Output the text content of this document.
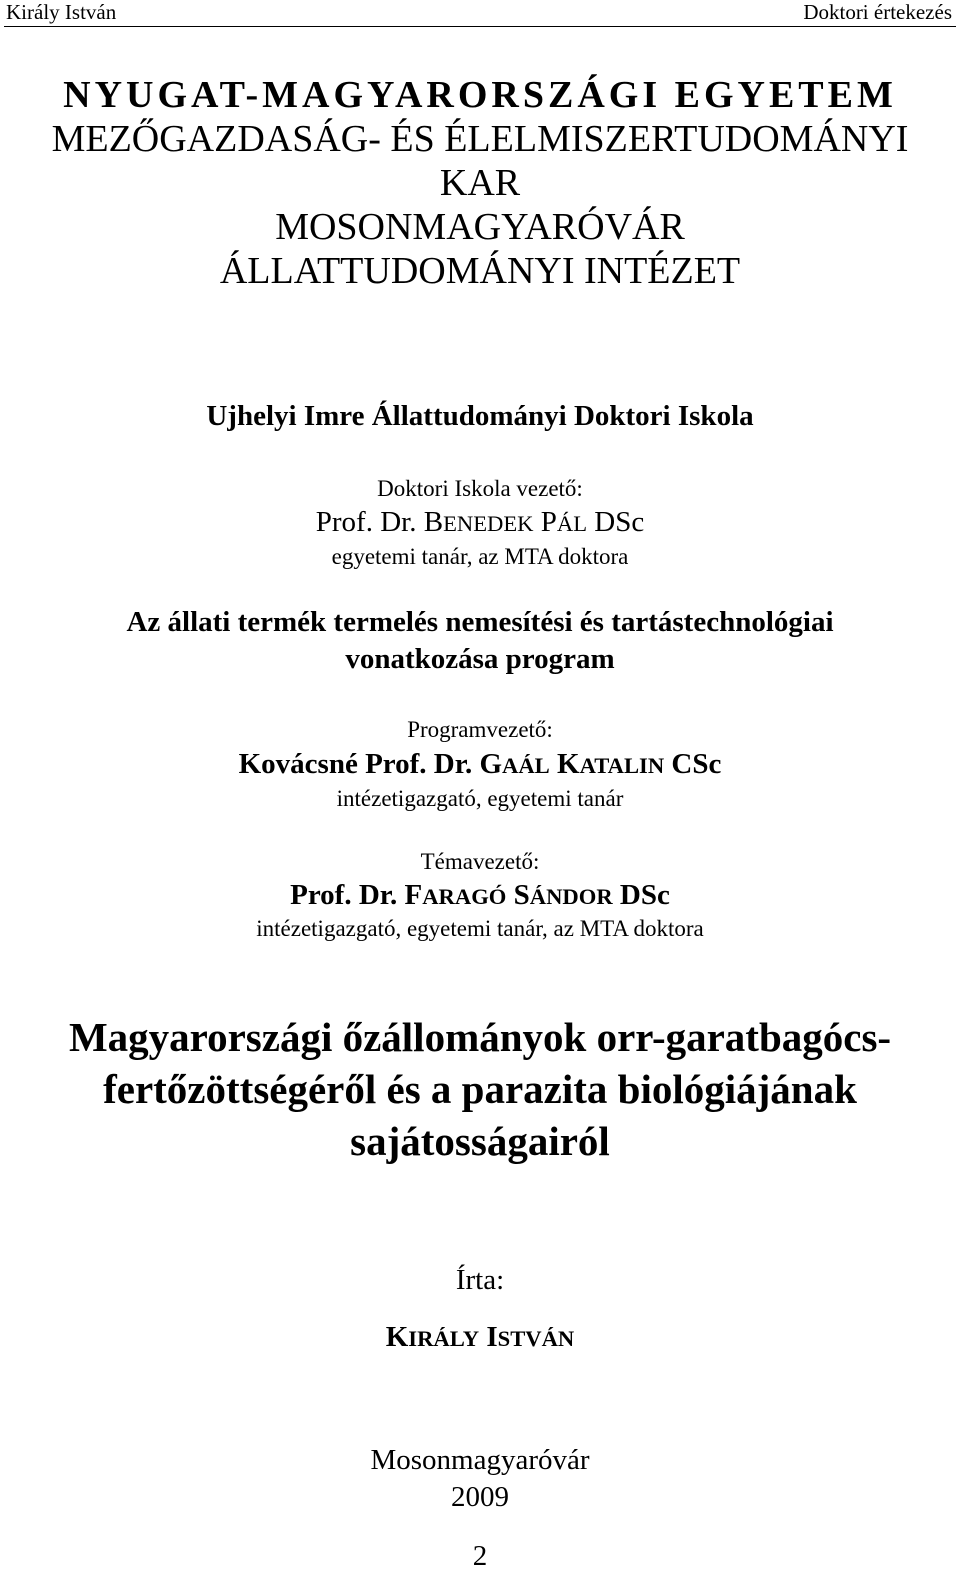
Király István	Doktori értekezés
NYUGAT-MAGYARORSZÁGI EGYETEM
MEZŐGAZDASÁG- ÉS ÉLELMISZERTUDOMÁNYI
KAR
MOSONMAGYARÓVÁR
ÁLLATTUDOMÁNYI INTÉZET
Ujhelyi Imre Állattudományi Doktori Iskola
Doktori Iskola vezető:
Prof. Dr. BENEDEK PÁL DSc
egyetemi tanár, az MTA doktora
Az állati termék termelés nemesítési és tartástechnológiai
vonatkozása program
Programvezető:
Kovácsné Prof. Dr. GAÁL KATALIN CSc
intézetigazgató, egyetemi tanár
Témavezető:
Prof. Dr. FARAGÓ SÁNDOR DSc
intézetigazgató, egyetemi tanár, az MTA doktora
Magyarországi őzállományok orr-garatbagócs-
fertőzöttségéről és a parazita biológiájának
sajátosságairól
Írta:
KIRÁLY ISTVÁN
Mosonmagyaróvár
2009
2
